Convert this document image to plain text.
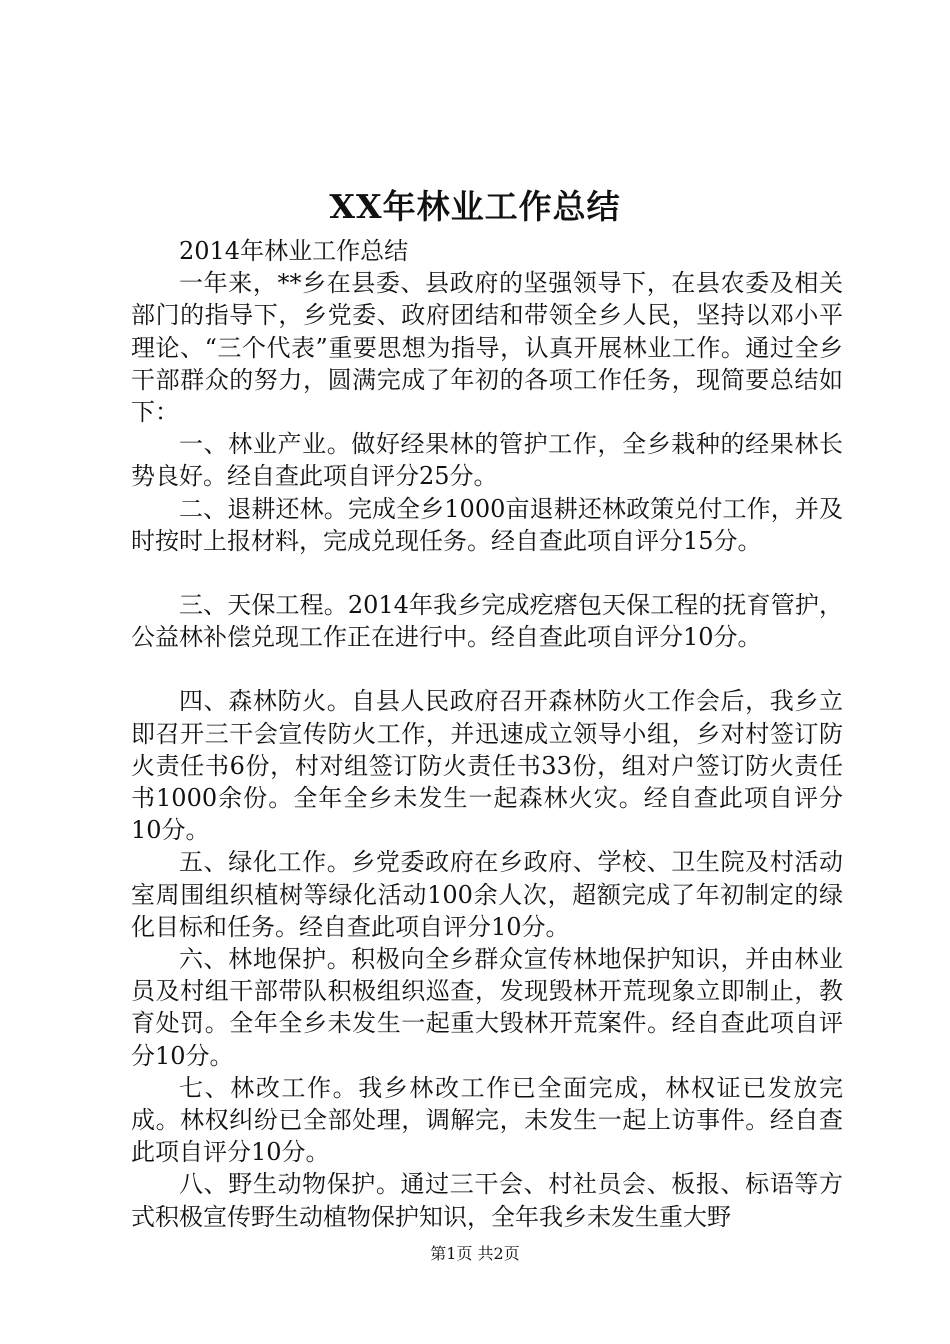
XX年林业工作总结

2014年林业工作总结

一年来，**乡在县委、县政府的坚强领导下，在县农委及相关部门的指导下，乡党委、政府团结和带领全乡人民，坚持以邓小平理论、“三个代表”重要思想为指导，认真开展林业工作。通过全乡干部群众的努力，圆满完成了年初的各项工作任务，现简要总结如下：

一、林业产业。做好经果林的管护工作，全乡栽种的经果林长势良好。经自查此项自评分25分。

二、退耕还林。完成全乡1000亩退耕还林政策兑付工作，并及时按时上报材料，完成兑现任务。经自查此项自评分15分。

三、天保工程。2014年我乡完成疙瘩包天保工程的抚育管护，公益林补偿兑现工作正在进行中。经自查此项自评分10分。

四、森林防火。自县人民政府召开森林防火工作会后，我乡立即召开三干会宣传防火工作，并迅速成立领导小组，乡对村签订防火责任书6份，村对组签订防火责任书33份，组对户签订防火责任书1000余份。全年全乡未发生一起森林火灾。经自查此项自评分10分。

五、绿化工作。乡党委政府在乡政府、学校、卫生院及村活动室周围组织植树等绿化活动100余人次，超额完成了年初制定的绿化目标和任务。经自查此项自评分10分。

六、林地保护。积极向全乡群众宣传林地保护知识，并由林业员及村组干部带队积极组织巡查，发现毁林开荒现象立即制止，教育处罚。全年全乡未发生一起重大毁林开荒案件。经自查此项自评分10分。

七、林改工作。我乡林改工作已全面完成，林权证已发放完成。林权纠纷已全部处理，调解完，未发生一起上访事件。经自查此项自评分10分。

八、野生动物保护。通过三干会、村社员会、板报、标语等方式积极宣传野生动植物保护知识，全年我乡未发生重大野

第1页 共2页
